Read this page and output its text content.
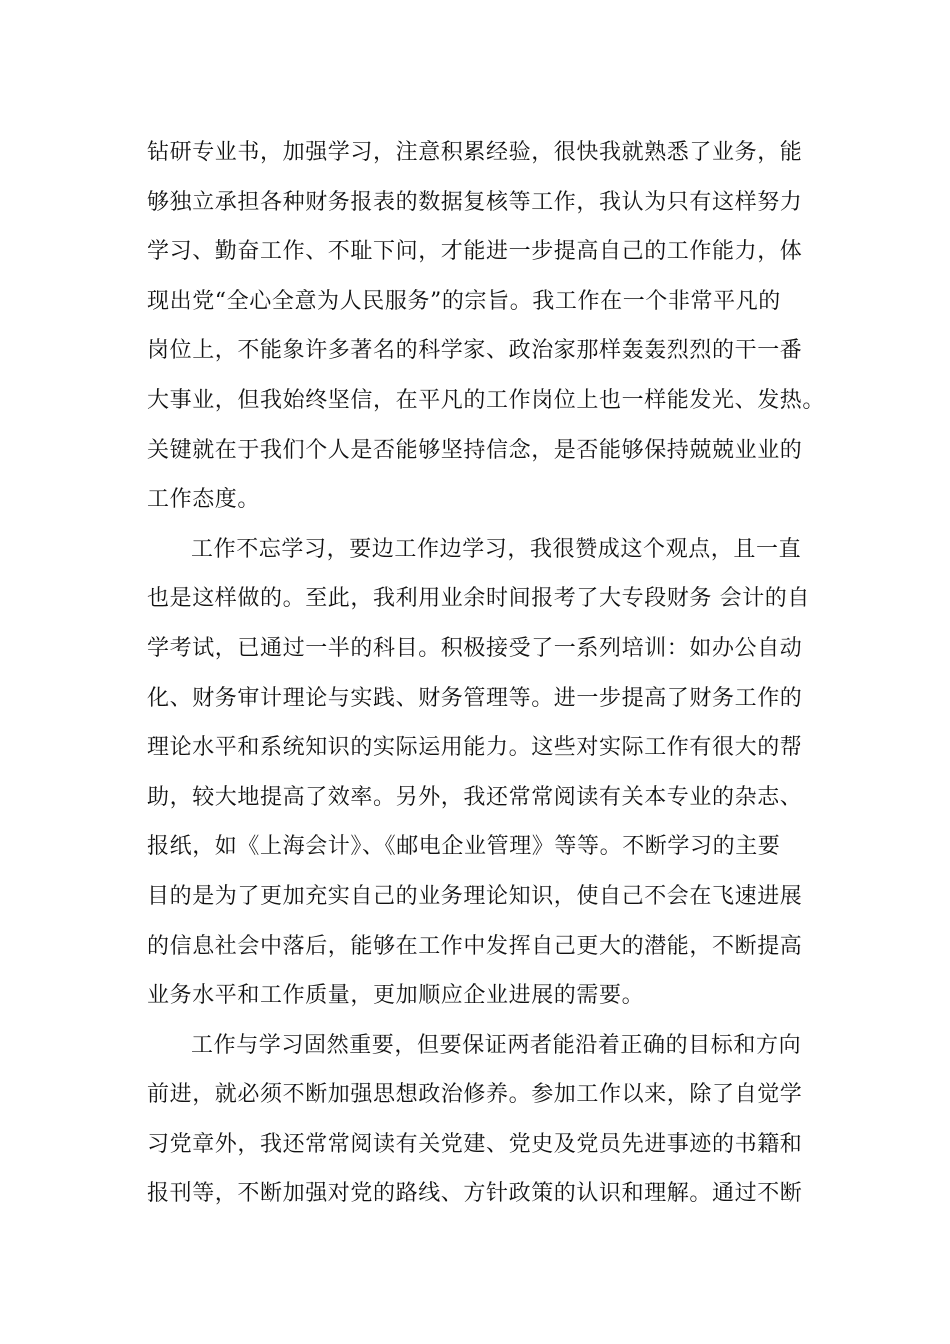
钻研专业书，加强学习，注意积累经验，很快我就熟悉了业务，能
够独立承担各种财务报表的数据复核等工作，我认为只有这样努力
学习、勤奋工作、不耻下问，才能进一步提高自己的工作能力，体
现出党“全心全意为人民服务”的宗旨。我工作在一个非常平凡的
岗位上，不能象许多著名的科学家、政治家那样轰轰烈烈的干一番
大事业，但我始终坚信，在平凡的工作岗位上也一样能发光、发热。
关键就在于我们个人是否能够坚持信念，是否能够保持兢兢业业的
工作态度。
工作不忘学习，要边工作边学习，我很赞成这个观点，且一直
也是这样做的。至此，我利用业余时间报考了大专段财务 会计的自
学考试，已通过一半的科目。积极接受了一系列培训：如办公自动
化、财务审计理论与实践、财务管理等。进一步提高了财务工作的
理论水平和系统知识的实际运用能力。这些对实际工作有很大的帮
助，较大地提高了效率。另外，我还常常阅读有关本专业的杂志、
报纸，如《上海会计》、《邮电企业管理》等等。不断学习的主要
目的是为了更加充实自己的业务理论知识，使自己不会在飞速进展
的信息社会中落后，能够在工作中发挥自己更大的潜能，不断提高
业务水平和工作质量，更加顺应企业进展的需要。
工作与学习固然重要，但要保证两者能沿着正确的目标和方向
前进，就必须不断加强思想政治修养。参加工作以来，除了自觉学
习党章外，我还常常阅读有关党建、党史及党员先进事迹的书籍和
报刊等，不断加强对党的路线、方针政策的认识和理解。通过不断
